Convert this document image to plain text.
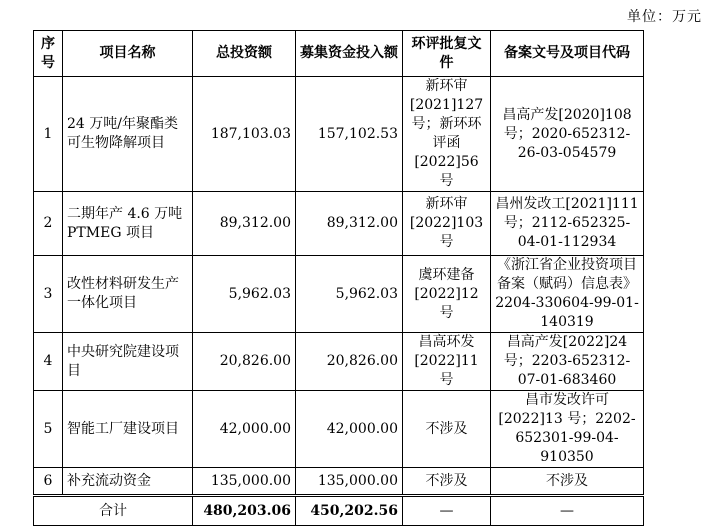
单位：万元
序号	项目名称	总投资额	募集资金投入额	环评批复文件	备案文号及项目代码
1	24 万吨/年聚酯类可生物降解项目	187,103.03	157,102.53	新环审[2021]127 号；新环环评函[2022]56 号	昌高产发[2020]108 号；2020-652312-26-03-054579
2	二期年产 4.6 万吨 PTMEG 项目	89,312.00	89,312.00	新环审[2022]103 号	昌州发改工[2021]111 号；2112-652325-04-01-112934
3	改性材料研发生产一体化项目	5,962.03	5,962.03	虞环建备[2022]12 号	《浙江省企业投资项目备案（赋码）信息表》2204-330604-99-01-140319
4	中央研究院建设项目	20,826.00	20,826.00	昌高环发[2022]11 号	昌高产发[2022]24 号；2203-652312-07-01-683460
5	智能工厂建设项目	42,000.00	42,000.00	不涉及	昌市发改许可[2022]13 号；2202-652301-99-04-910350
6	补充流动资金	135,000.00	135,000.00	不涉及	不涉及
合计		480,203.06	450,202.56	—	—
